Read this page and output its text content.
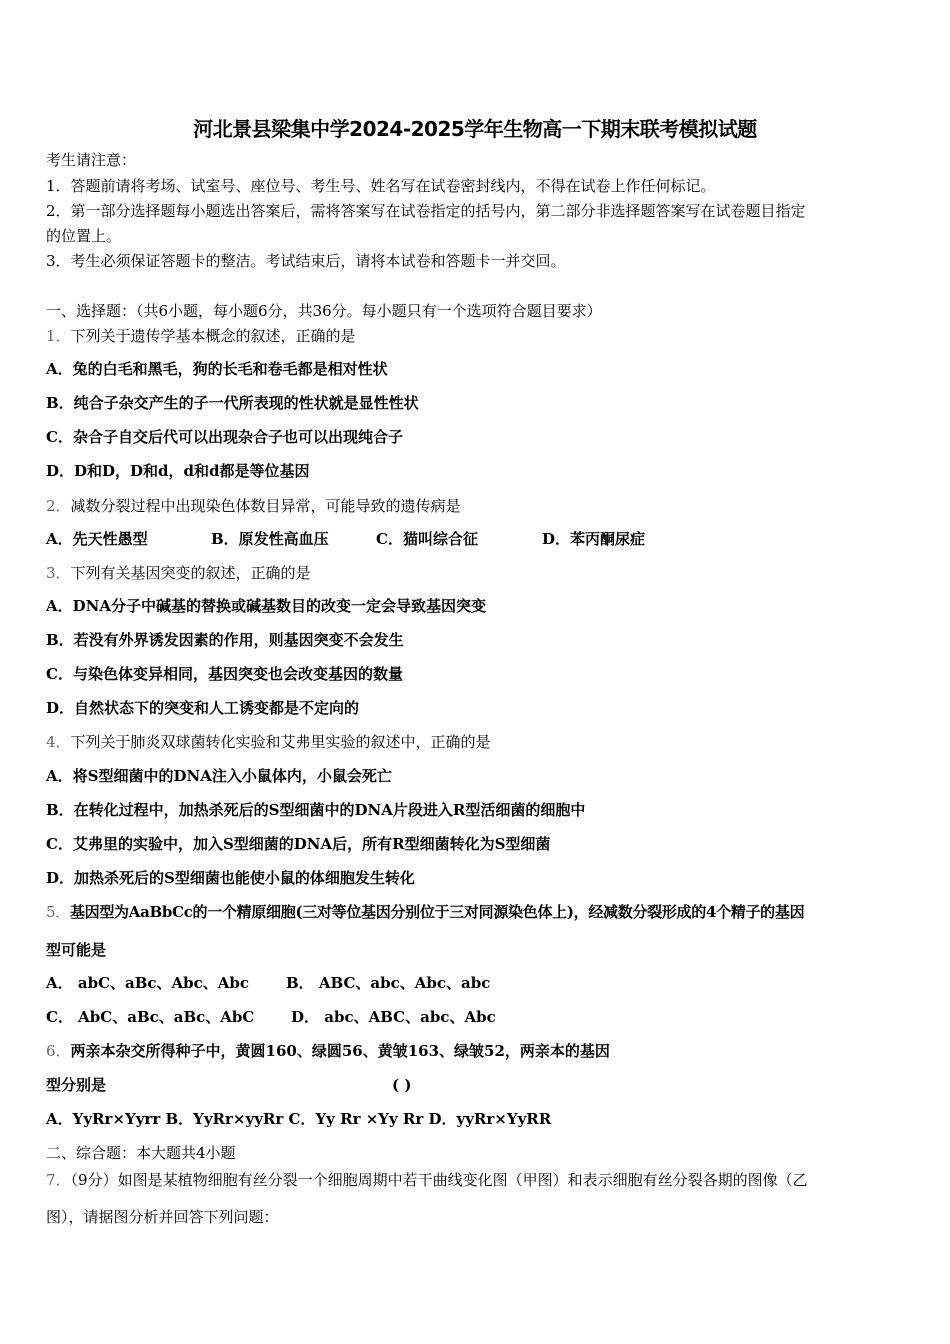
河北景县梁集中学2024-2025学年生物高一下期末联考模拟试题
考生请注意：
1．答题前请将考场、试室号、座位号、考生号、姓名写在试卷密封线内，不得在试卷上作任何标记。
2．第一部分选择题每小题选出答案后，需将答案写在试卷指定的括号内，第二部分非选择题答案写在试卷题目指定
的位置上。
3．考生必须保证答题卡的整洁。考试结束后，请将本试卷和答题卡一并交回。
一、选择题：（共6小题，每小题6分，共36分。每小题只有一个选项符合题目要求）
1．下列关于遗传学基本概念的叙述，正确的是
A．兔的白毛和黑毛，狗的长毛和卷毛都是相对性状
B．纯合子杂交产生的子一代所表现的性状就是显性性状
C．杂合子自交后代可以出现杂合子也可以出现纯合子
D．D和D，D和d，d和d都是等位基因
2．减数分裂过程中出现染色体数目异常，可能导致的遗传病是
A．先天性愚型	B．原发性高血压	C．猫叫综合征	D．苯丙酮尿症
3．下列有关基因突变的叙述，正确的是
A．DNA分子中碱基的替换或碱基数目的改变一定会导致基因突变
B．若没有外界诱发因素的作用，则基因突变不会发生
C．与染色体变异相同，基因突变也会改变基因的数量
D．自然状态下的突变和人工诱变都是不定向的
4．下列关于肺炎双球菌转化实验和艾弗里实验的叙述中，正确的是
A．将S型细菌中的DNA注入小鼠体内，小鼠会死亡
B．在转化过程中，加热杀死后的S型细菌中的DNA片段进入R型活细菌的细胞中
C．艾弗里的实验中，加入S型细菌的DNA后，所有R型细菌转化为S型细菌
D．加热杀死后的S型细菌也能使小鼠的体细胞发生转化
5．基因型为AaBbCc的一个精原细胞(三对等位基因分别位于三对同源染色体上)，经减数分裂形成的4个精子的基因
型可能是
A． abC、aBc、Abc、Abc B． ABC、abc、Abc、abc
C． AbC、aBc、aBc、AbC D． abc、ABC、abc、Abc
6．两亲本杂交所得种子中，黄圆160、绿圆56、黄皱163、绿皱52，两亲本的基因
型分别是	( )
A．YyRr×Yyrr B．YyRr×yyRr C．Yy Rr ×Yy Rr D．yyRr×YyRR
二、综合题：本大题共4小题
7．（9分）如图是某植物细胞有丝分裂一个细胞周期中若干曲线变化图（甲图）和表示细胞有丝分裂各期的图像（乙
图），请据图分析并回答下列问题：
